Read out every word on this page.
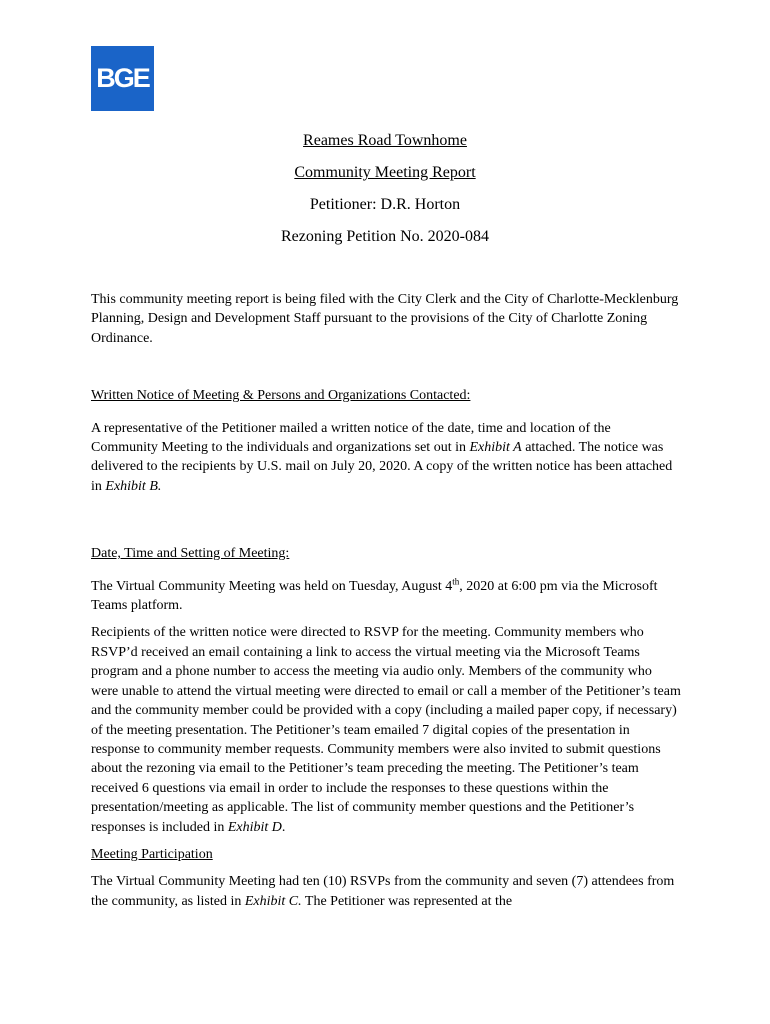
BGE
Reames Road Townhome
Community Meeting Report
Petitioner: D.R. Horton
Rezoning Petition No. 2020-084

This community meeting report is being filed with the City Clerk and the City of Charlotte-Mecklenburg Planning, Design and Development Staff pursuant to the provisions of the City of Charlotte Zoning Ordinance.

Written Notice of Meeting & Persons and Organizations Contacted:

A representative of the Petitioner mailed a written notice of the date, time and location of the Community Meeting to the individuals and organizations set out in Exhibit A attached. The notice was delivered to the recipients by U.S. mail on July 20, 2020. A copy of the written notice has been attached in Exhibit B.

Date, Time and Setting of Meeting:

The Virtual Community Meeting was held on Tuesday, August 4th, 2020 at 6:00 pm via the Microsoft Teams platform.

Recipients of the written notice were directed to RSVP for the meeting. Community members who RSVP’d received an email containing a link to access the virtual meeting via the Microsoft Teams program and a phone number to access the meeting via audio only. Members of the community who were unable to attend the virtual meeting were directed to email or call a member of the Petitioner’s team and the community member could be provided with a copy (including a mailed paper copy, if necessary) of the meeting presentation. The Petitioner’s team emailed 7 digital copies of the presentation in response to community member requests. Community members were also invited to submit questions about the rezoning via email to the Petitioner’s team preceding the meeting. The Petitioner’s team received 6 questions via email in order to include the responses to these questions within the presentation/meeting as applicable. The list of community member questions and the Petitioner’s responses is included in Exhibit D.

Meeting Participation

The Virtual Community Meeting had ten (10) RSVPs from the community and seven (7) attendees from the community, as listed in Exhibit C. The Petitioner was represented at the
